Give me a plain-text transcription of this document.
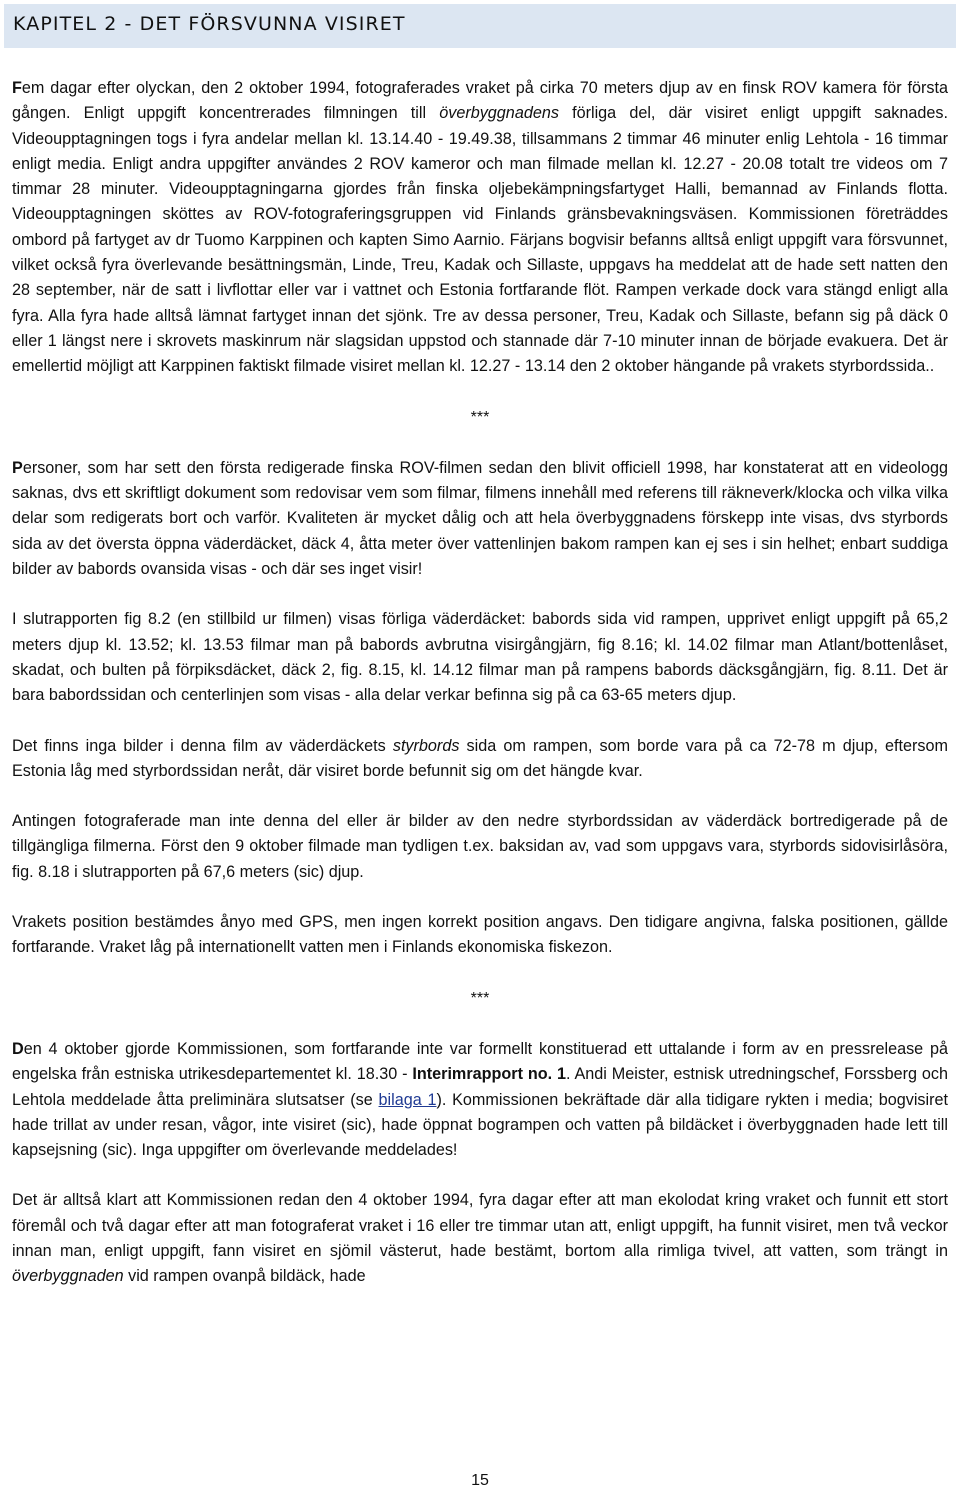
KAPITEL 2 - DET FÖRSVUNNA VISIRET

Fem dagar efter olyckan, den 2 oktober 1994, fotograferades vraket på cirka 70 meters djup av en finsk ROV kamera för första gången. Enligt uppgift koncentrerades filmningen till överbyggnadens förliga del, där visiret enligt uppgift saknades. Videoupptagningen togs i fyra andelar mellan kl. 13.14.40 - 19.49.38, tillsammans 2 timmar 46 minuter enlig Lehtola - 16 timmar enligt media. Enligt andra uppgifter användes 2 ROV kameror och man filmade mellan kl. 12.27 - 20.08 totalt tre videos om 7 timmar 28 minuter. Videoupptagningarna gjordes från finska oljebekämpningsfartyget Halli, bemannad av Finlands flotta. Videoupptagningen sköttes av ROV-fotograferingsgruppen vid Finlands gränsbevakningsväsen. Kommissionen företräddes ombord på fartyget av dr Tuomo Karppinen och kapten Simo Aarnio. Färjans bogvisir befanns alltså enligt uppgift vara försvunnet, vilket också fyra överlevande besättningsmän, Linde, Treu, Kadak och Sillaste, uppgavs ha meddelat att de hade sett natten den 28 september, när de satt i livflottar eller var i vattnet och Estonia fortfarande flöt. Rampen verkade dock vara stängd enligt alla fyra. Alla fyra hade alltså lämnat fartyget innan det sjönk. Tre av dessa personer, Treu, Kadak och Sillaste, befann sig på däck 0 eller 1 längst nere i skrovets maskinrum när slagsidan uppstod och stannade där 7-10 minuter innan de började evakuera. Det är emellertid möjligt att Karppinen faktiskt filmade visiret mellan kl. 12.27 - 13.14 den 2 oktober hängande på vrakets styrbordssida..

***

Personer, som har sett den första redigerade finska ROV-filmen sedan den blivit officiell 1998, har konstaterat att en videologg saknas, dvs ett skriftligt dokument som redovisar vem som filmar, filmens innehåll med referens till räkneverk/klocka och vilka vilka delar som redigerats bort och varför. Kvaliteten är mycket dålig och att hela överbyggnadens förskepp inte visas, dvs styrbords sida av det översta öppna väderdäcket, däck 4, åtta meter över vattenlinjen bakom rampen kan ej ses i sin helhet; enbart suddiga bilder av babords ovansida visas - och där ses inget visir!

I slutrapporten fig 8.2 (en stillbild ur filmen) visas förliga väderdäcket: babords sida vid rampen, upprivet enligt uppgift på 65,2 meters djup kl. 13.52; kl. 13.53 filmar man på babords avbrutna visirgångjärn, fig 8.16; kl. 14.02 filmar man Atlant/bottenlåset, skadat, och bulten på förpiksdäcket, däck 2, fig. 8.15, kl. 14.12 filmar man på rampens babords däcksgångjärn, fig. 8.11. Det är bara babordssidan och centerlinjen som visas - alla delar verkar befinna sig på ca 63-65 meters djup.

Det finns inga bilder i denna film av väderdäckets styrbords sida om rampen, som borde vara på ca 72-78 m djup, eftersom Estonia låg med styrbordssidan neråt, där visiret borde befunnit sig om det hängde kvar.

Antingen fotograferade man inte denna del eller är bilder av den nedre styrbordssidan av väderdäck bortredigerade på de tillgängliga filmerna. Först den 9 oktober filmade man tydligen t.ex. baksidan av, vad som uppgavs vara, styrbords sidovisirlåsöra, fig. 8.18 i slutrapporten på 67,6 meters (sic) djup.

Vrakets position bestämdes ånyo med GPS, men ingen korrekt position angavs. Den tidigare angivna, falska positionen, gällde fortfarande. Vraket låg på internationellt vatten men i Finlands ekonomiska fiskezon.

***

Den 4 oktober gjorde Kommissionen, som fortfarande inte var formellt konstituerad ett uttalande i form av en pressrelease på engelska från estniska utrikesdepartementet kl. 18.30 - Interimrapport no. 1. Andi Meister, estnisk utredningschef, Forssberg och Lehtola meddelade åtta preliminära slutsatser (se bilaga 1). Kommissionen bekräftade där alla tidigare rykten i media; bogvisiret hade trillat av under resan, vågor, inte visiret (sic), hade öppnat bogrampen och vatten på bildäcket i överbyggnaden hade lett till kapsejsning (sic). Inga uppgifter om överlevande meddelades!

Det är alltså klart att Kommissionen redan den 4 oktober 1994, fyra dagar efter att man ekolodat kring vraket och funnit ett stort föremål och två dagar efter att man fotograferat vraket i 16 eller tre timmar utan att, enligt uppgift, ha funnit visiret, men två veckor innan man, enligt uppgift, fann visiret en sjömil västerut, hade bestämt, bortom alla rimliga tvivel, att vatten, som trängt in överbyggnaden vid rampen ovanpå bildäck, hade

15
